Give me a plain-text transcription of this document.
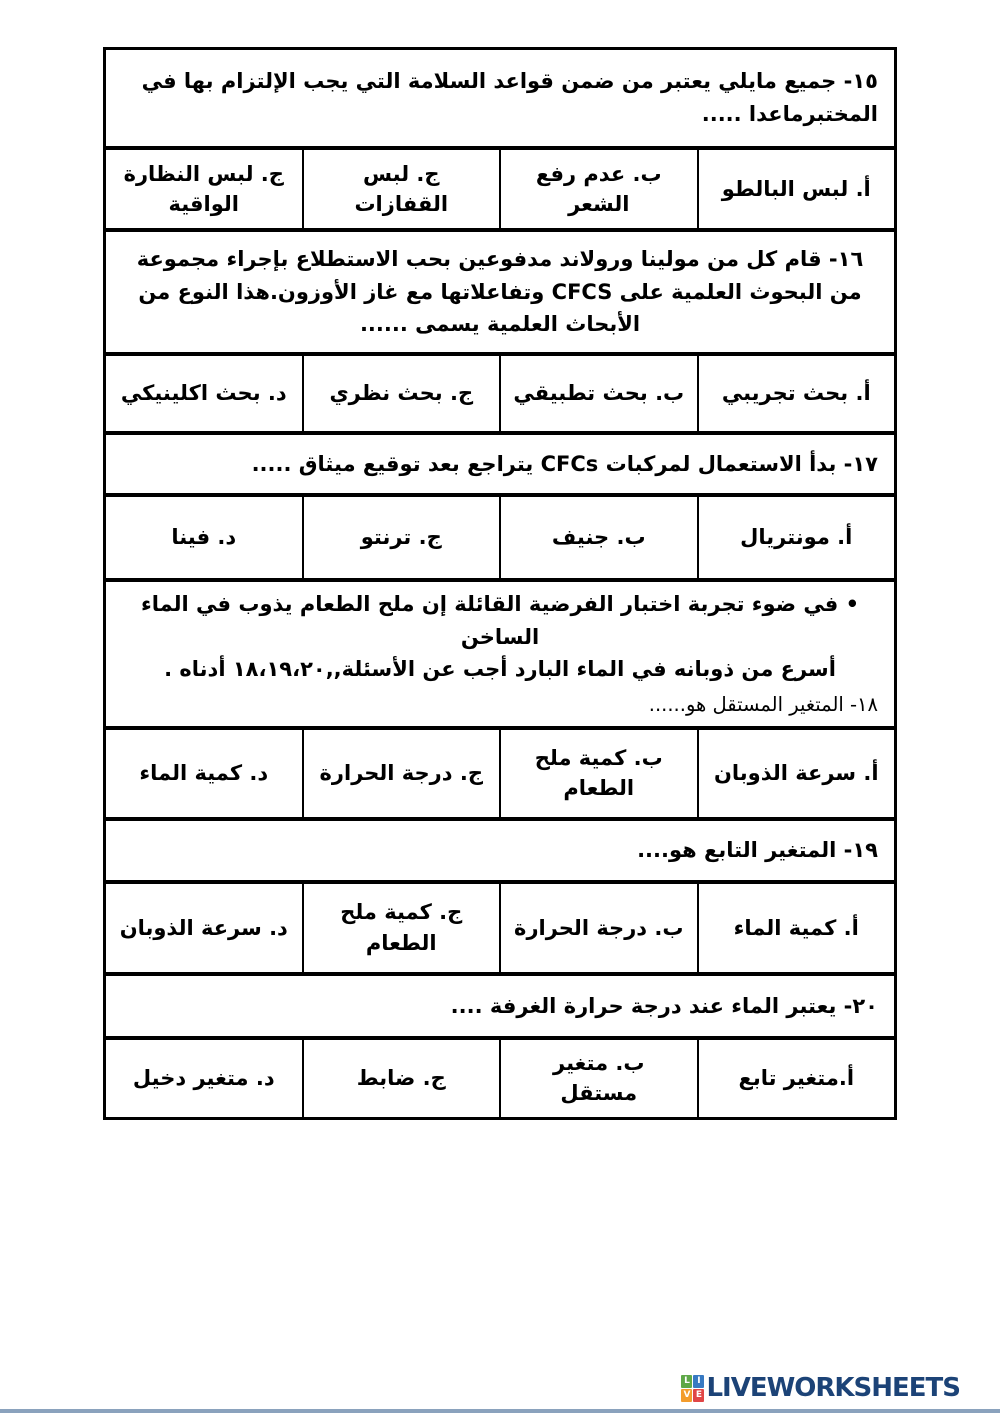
١٥- جميع مايلي يعتبر من ضمن قواعد السلامة التي يجب الإلتزام بها في المختبرماعدا .....
أ. لبس البالطو
ب. عدم رفع الشعر
ج. لبس القفازات
ج. لبس النظارة الواقية
١٦- قام كل من مولينا ورولاند مدفوعين بحب الاستطلاع بإجراء مجموعة من البحوث العلمية على CFCS وتفاعلاتها مع غاز الأوزون.هذا النوع من الأبحاث العلمية يسمى ......
أ. بحث تجريبي
ب. بحث تطبيقي
ج. بحث نظري
د. بحث اكلينيكي
١٧- بدأ الاستعمال لمركبات CFCs يتراجع بعد توقيع ميثاق .....
أ. مونتريال
ب. جنيف
ج. ترنتو
د. فينا
• في ضوء تجربة اختبار الفرضية القائلة إن ملح الطعام يذوب في الماء الساخن
أسرع من ذوبانه في الماء البارد أجب عن الأسئلة,,١٨،١٩،٢٠ أدناه .
١٨- المتغير المستقل هو......
أ. سرعة الذوبان
ب. كمية ملح الطعام
ج. درجة الحرارة
د. كمية الماء
١٩- المتغير التابع هو....
أ. كمية الماء
ب. درجة الحرارة
ج. كمية ملح الطعام
د. سرعة الذوبان
٢٠- يعتبر الماء عند درجة حرارة الغرفة ....
أ.متغير تابع
ب. متغير مستقل
ج. ضابط
د. متغير دخيل
L I
V E LIVEWORKSHEETS
